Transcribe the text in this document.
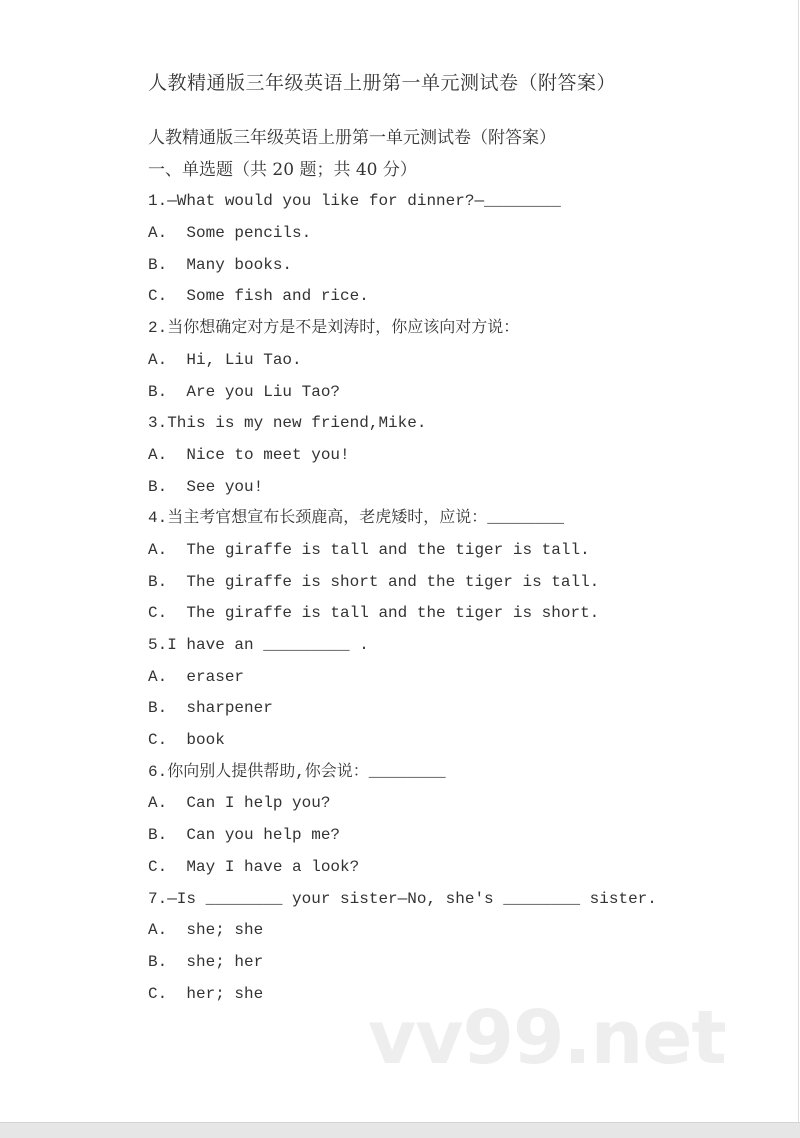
人教精通版三年级英语上册第一单元测试卷（附答案）
人教精通版三年级英语上册第一单元测试卷（附答案）
一、单选题（共 20 题；共 40 分）
1.—What would you like for dinner?—________
A.  Some pencils.
B.  Many books.
C.  Some fish and rice.
2.当你想确定对方是不是刘涛时，你应该向对方说：
A.  Hi, Liu Tao.
B.  Are you Liu Tao?
3.This is my new friend,Mike.
A.  Nice to meet you!
B.  See you!
4.当主考官想宣布长颈鹿高，老虎矮时，应说：________
A.  The giraffe is tall and the tiger is tall.
B.  The giraffe is short and the tiger is tall.
C.  The giraffe is tall and the tiger is short.
5.I have an _________ .
A.  eraser
B.  sharpener
C.  book
6.你向别人提供帮助,你会说：________
A.  Can I help you?
B.  Can you help me?
C.  May I have a look?
7.—Is ________ your sister—No, she's ________ sister.
A.  she; she
B.  she; her
C.  her; she
vv99.net
